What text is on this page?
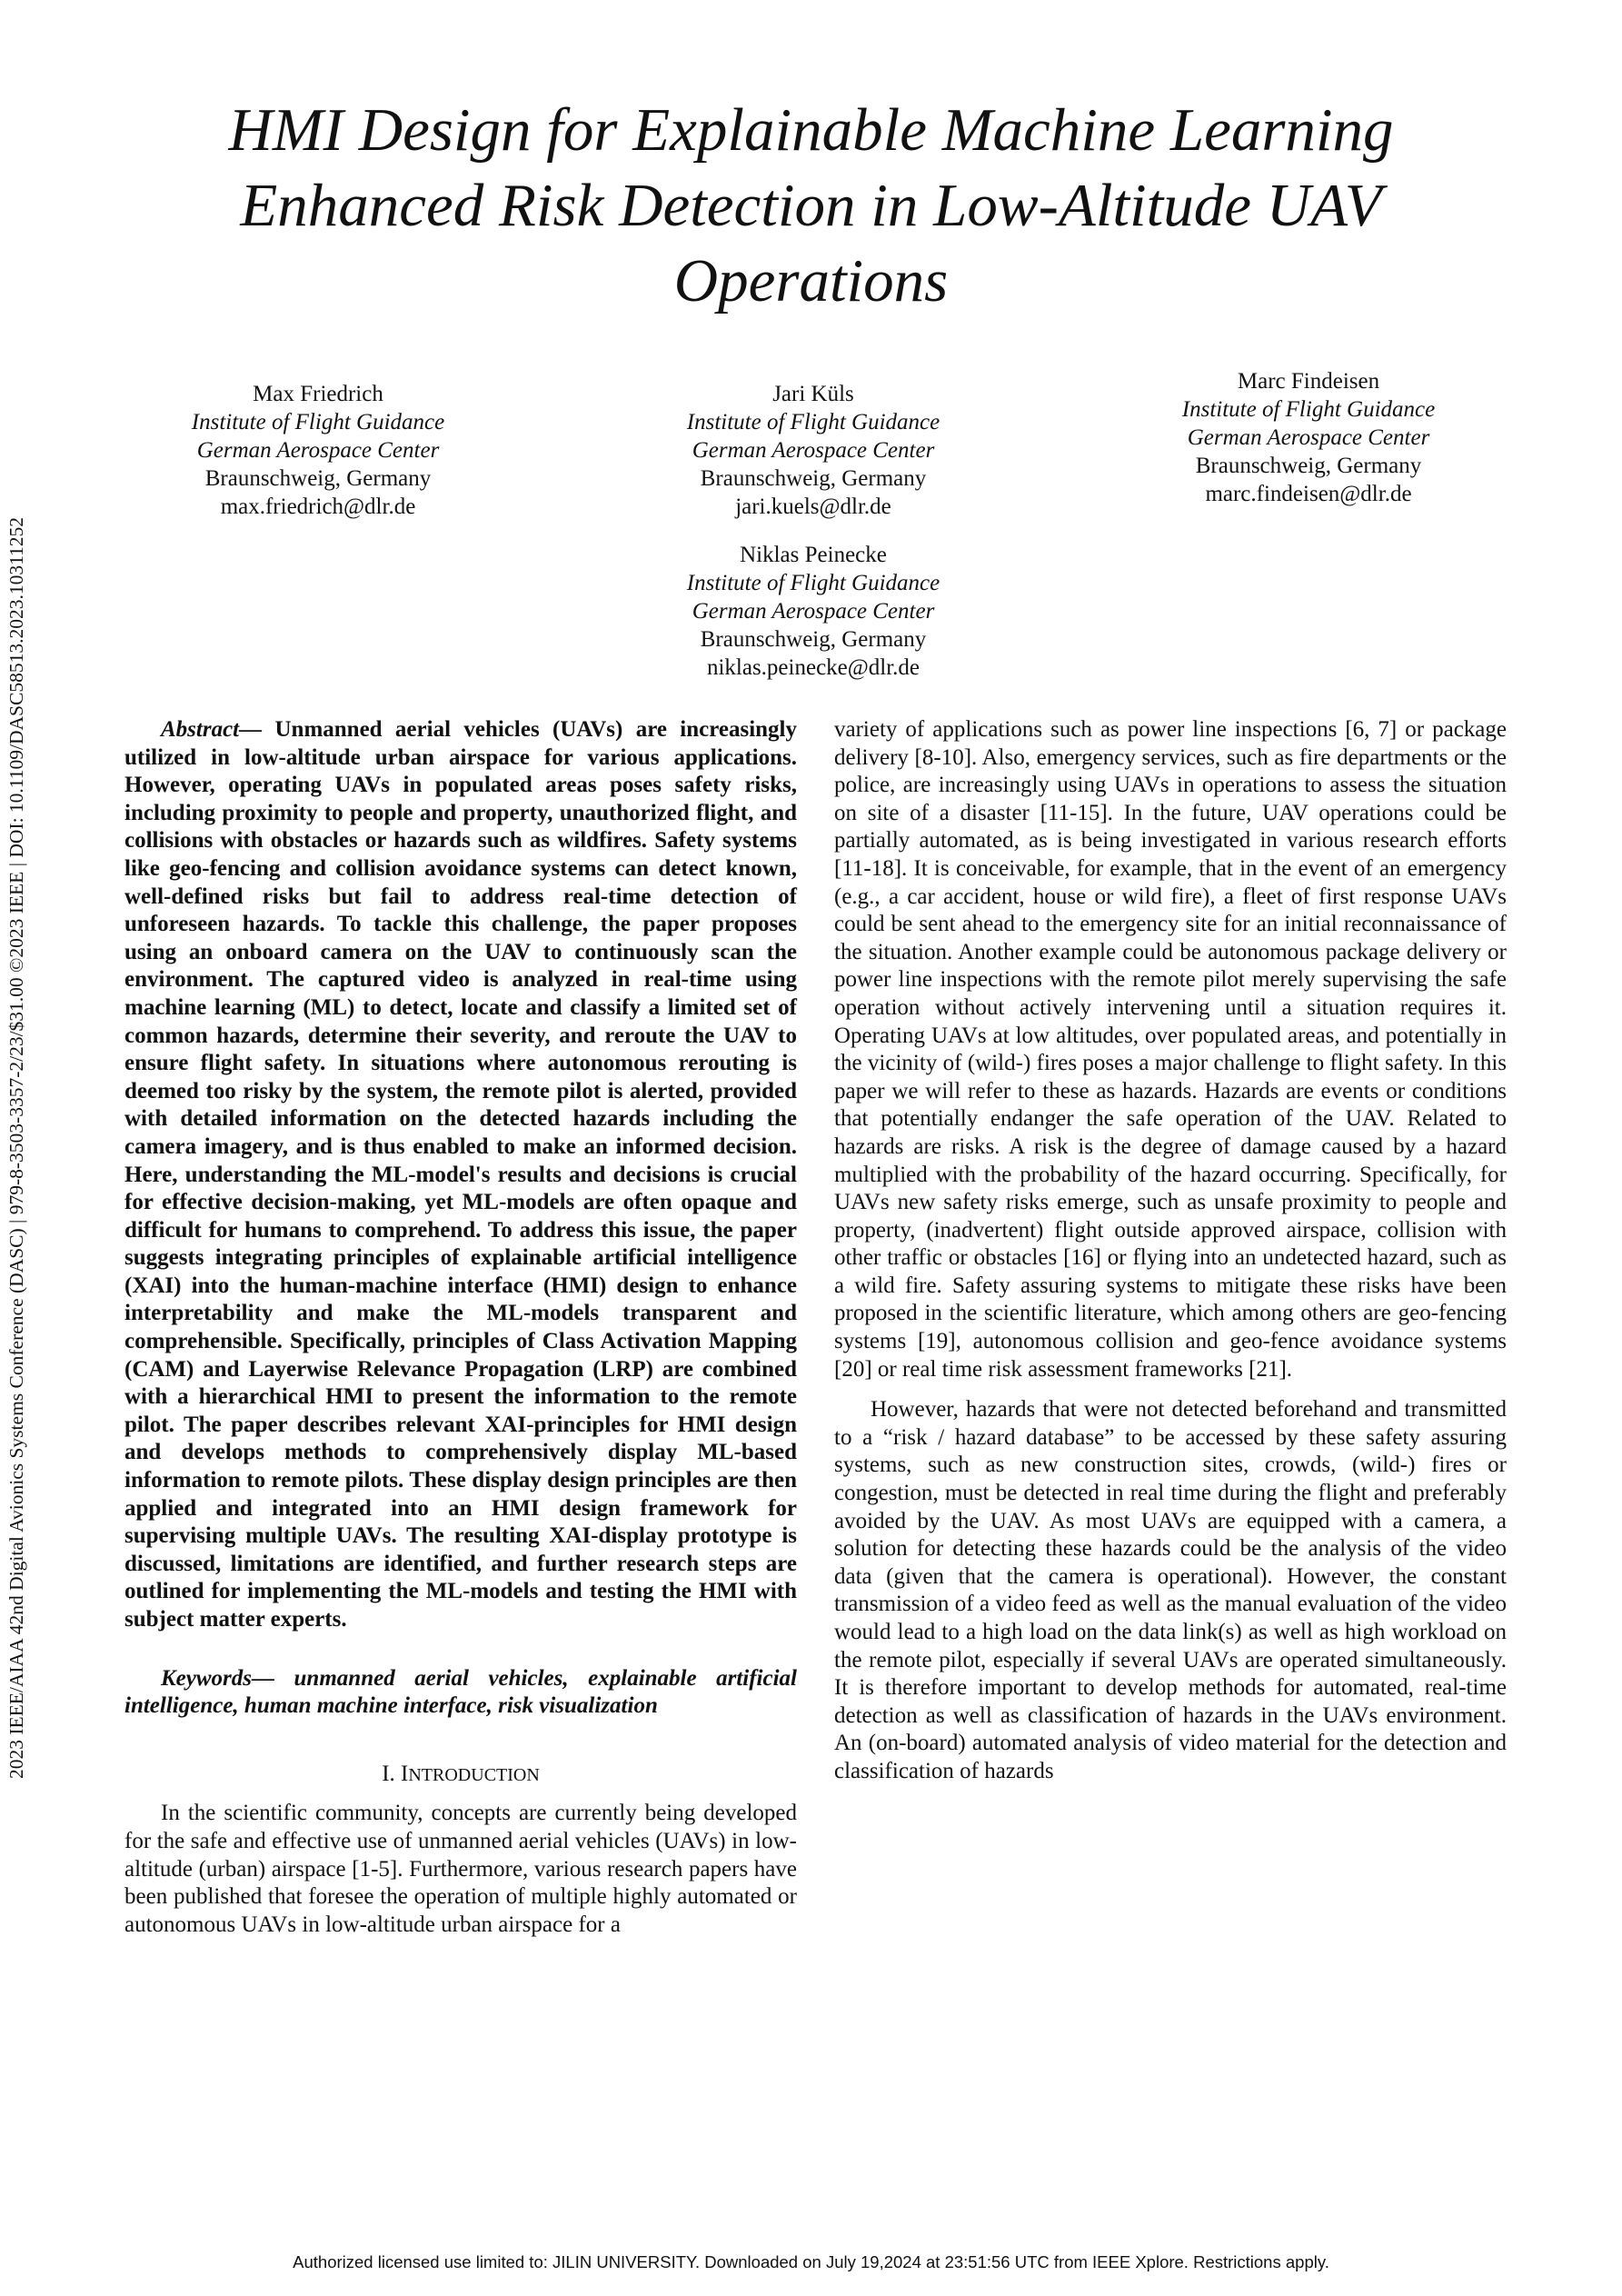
2023 IEEE/AIAA 42nd Digital Avionics Systems Conference (DASC) | 979-8-3503-3357-2/23/$31.00 ©2023 IEEE | DOI: 10.1109/DASC58513.2023.10311252
HMI Design for Explainable Machine Learning
Enhanced Risk Detection in Low-Altitude UAV
Operations
Max Friedrich
Institute of Flight Guidance
German Aerospace Center
Braunschweig, Germany
max.friedrich@dlr.de
Jari Küls
Institute of Flight Guidance
German Aerospace Center
Braunschweig, Germany
jari.kuels@dlr.de
Marc Findeisen
Institute of Flight Guidance
German Aerospace Center
Braunschweig, Germany
marc.findeisen@dlr.de
Niklas Peinecke
Institute of Flight Guidance
German Aerospace Center
Braunschweig, Germany
niklas.peinecke@dlr.de

Abstract— Unmanned aerial vehicles (UAVs) are increasingly utilized in low-altitude urban airspace for various applications. However, operating UAVs in populated areas poses safety risks, including proximity to people and property, unauthorized flight, and collisions with obstacles or hazards such as wildfires. Safety systems like geo-fencing and collision avoidance systems can detect known, well-defined risks but fail to address real-time detection of unforeseen hazards. To tackle this challenge, the paper proposes using an onboard camera on the UAV to continuously scan the environment. The captured video is analyzed in real-time using machine learning (ML) to detect, locate and classify a limited set of common hazards, determine their severity, and reroute the UAV to ensure flight safety. In situations where autonomous rerouting is deemed too risky by the system, the remote pilot is alerted, provided with detailed information on the detected hazards including the camera imagery, and is thus enabled to make an informed decision. Here, understanding the ML-model's results and decisions is crucial for effective decision-making, yet ML-models are often opaque and difficult for humans to comprehend. To address this issue, the paper suggests integrating principles of explainable artificial intelligence (XAI) into the human-machine interface (HMI) design to enhance interpretability and make the ML-models transparent and comprehensible. Specifically, principles of Class Activation Mapping (CAM) and Layerwise Relevance Propagation (LRP) are combined with a hierarchical HMI to present the information to the remote pilot. The paper describes relevant XAI-principles for HMI design and develops methods to comprehensively display ML-based information to remote pilots. These display design principles are then applied and integrated into an HMI design framework for supervising multiple UAVs. The resulting XAI-display prototype is discussed, limitations are identified, and further research steps are outlined for implementing the ML-models and testing the HMI with subject matter experts.

Keywords— unmanned aerial vehicles, explainable artificial intelligence, human machine interface, risk visualization

I. INTRODUCTION

In the scientific community, concepts are currently being developed for the safe and effective use of unmanned aerial vehicles (UAVs) in low-altitude (urban) airspace [1-5]. Furthermore, various research papers have been published that foresee the operation of multiple highly automated or autonomous UAVs in low-altitude urban airspace for a

variety of applications such as power line inspections [6, 7] or package delivery [8-10]. Also, emergency services, such as fire departments or the police, are increasingly using UAVs in operations to assess the situation on site of a disaster [11-15]. In the future, UAV operations could be partially automated, as is being investigated in various research efforts [11-18]. It is conceivable, for example, that in the event of an emergency (e.g., a car accident, house or wild fire), a fleet of first response UAVs could be sent ahead to the emergency site for an initial reconnaissance of the situation. Another example could be autonomous package delivery or power line inspections with the remote pilot merely supervising the safe operation without actively intervening until a situation requires it. Operating UAVs at low altitudes, over populated areas, and potentially in the vicinity of (wild-) fires poses a major challenge to flight safety. In this paper we will refer to these as hazards. Hazards are events or conditions that potentially endanger the safe operation of the UAV. Related to hazards are risks. A risk is the degree of damage caused by a hazard multiplied with the probability of the hazard occurring. Specifically, for UAVs new safety risks emerge, such as unsafe proximity to people and property, (inadvertent) flight outside approved airspace, collision with other traffic or obstacles [16] or flying into an undetected hazard, such as a wild fire. Safety assuring systems to mitigate these risks have been proposed in the scientific literature, which among others are geo-fencing systems [19], autonomous collision and geo-fence avoidance systems [20] or real time risk assessment frameworks [21].

However, hazards that were not detected beforehand and transmitted to a “risk / hazard database” to be accessed by these safety assuring systems, such as new construction sites, crowds, (wild-) fires or congestion, must be detected in real time during the flight and preferably avoided by the UAV. As most UAVs are equipped with a camera, a solution for detecting these hazards could be the analysis of the video data (given that the camera is operational). However, the constant transmission of a video feed as well as the manual evaluation of the video would lead to a high load on the data link(s) as well as high workload on the remote pilot, especially if several UAVs are operated simultaneously. It is therefore important to develop methods for automated, real-time detection as well as classification of hazards in the UAVs environment. An (on-board) automated analysis of video material for the detection and classification of hazards

Authorized licensed use limited to: JILIN UNIVERSITY. Downloaded on July 19,2024 at 23:51:56 UTC from IEEE Xplore. Restrictions apply.
